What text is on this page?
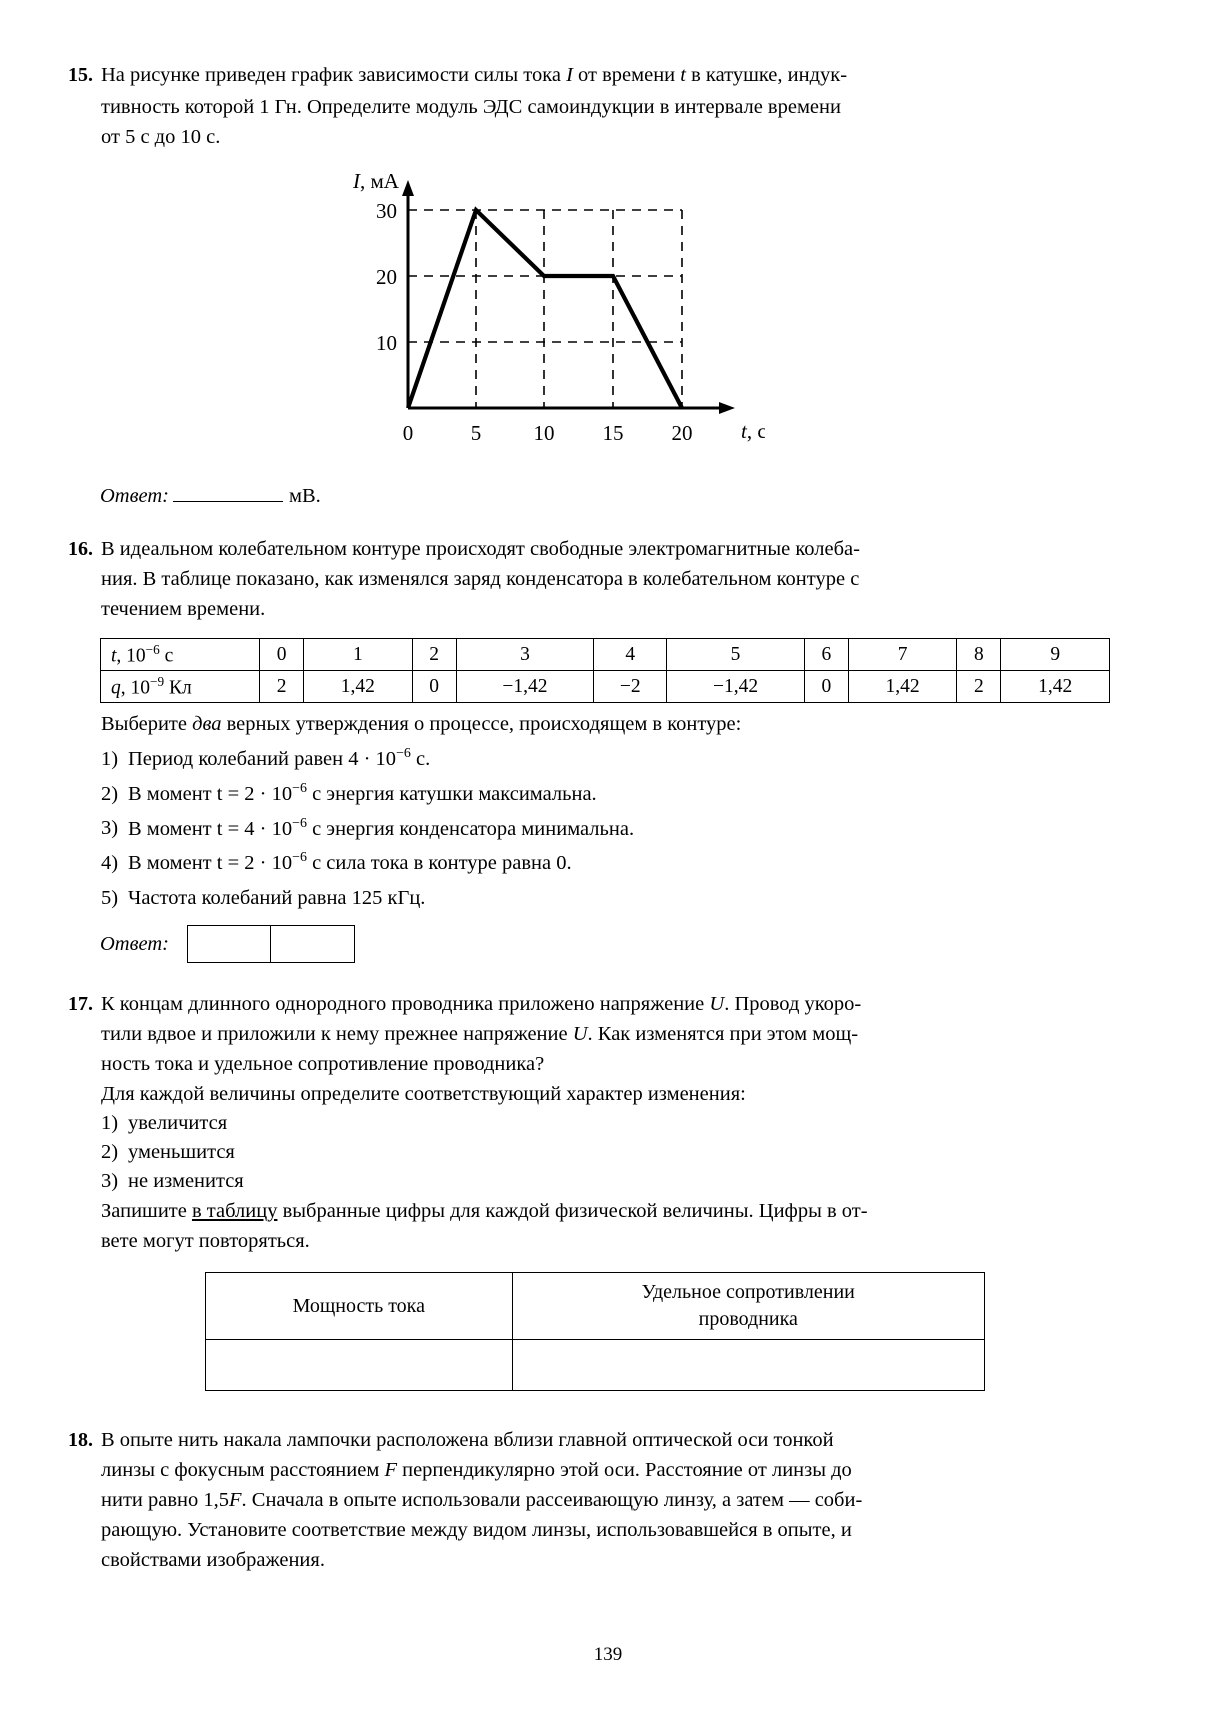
15. На рисунке приведен график зависимости силы тока I от времени t в катушке, индук-
тивность которой 1 Гн. Определите модуль ЭДС самоиндукции в интервале времени
от 5 с до 10 с.
30
20
10
0	5 10 15 20
I, мА
t, с
Ответ:	мВ.
16. В идеальном колебательном контуре происходят свободные электромагнитные колеба-
ния. В таблице показано, как изменялся заряд конденсатора в колебательном контуре с
течением времени.
t, $10^{-6}$ с	0	1	2	3	4	5	6	7	8	9
q, $10^{-9}$ Кл	2	1,42	0	−1,42	−2	−1,42	0	1,42	2	1,42
Выберите два верных утверждения о процессе, происходящем в контуре:
1) Период колебаний равен $4 \cdot 10^{-6}$ с.
2) В момент $t = 2 \cdot 10^{-6}$ с энергия катушки максимальна.
3) В момент $t = 4 \cdot 10^{-6}$ с энергия конденсатора минимальна.
4) В момент $t = 2 \cdot 10^{-6}$ с сила тока в контуре равна 0.
5) Частота колебаний равна 125 кГц.
Ответ:
17. К концам длинного однородного проводника приложено напряжение U. Провод укоро-
тили вдвое и приложили к нему прежнее напряжение U. Как изменятся при этом мощ-
ность тока и удельное сопротивление проводника?
Для каждой величины определите соответствующий характер изменения:
1) увеличится
2) уменьшится
3) не изменится
Запишите в таблицу выбранные цифры для каждой физической величины. Цифры в от-
вете могут повторяться.
Мощность тока	Удельное сопротивлении
проводника

18. В опыте нить накала лампочки расположена вблизи главной оптической оси тонкой
линзы с фокусным расстоянием F перпендикулярно этой оси. Расстояние от линзы до
нити равно 1,5F. Сначала в опыте использовали рассеивающую линзу, а затем — соби-
рающую. Установите соответствие между видом линзы, использовавшейся в опыте, и
свойствами изображения.
139
